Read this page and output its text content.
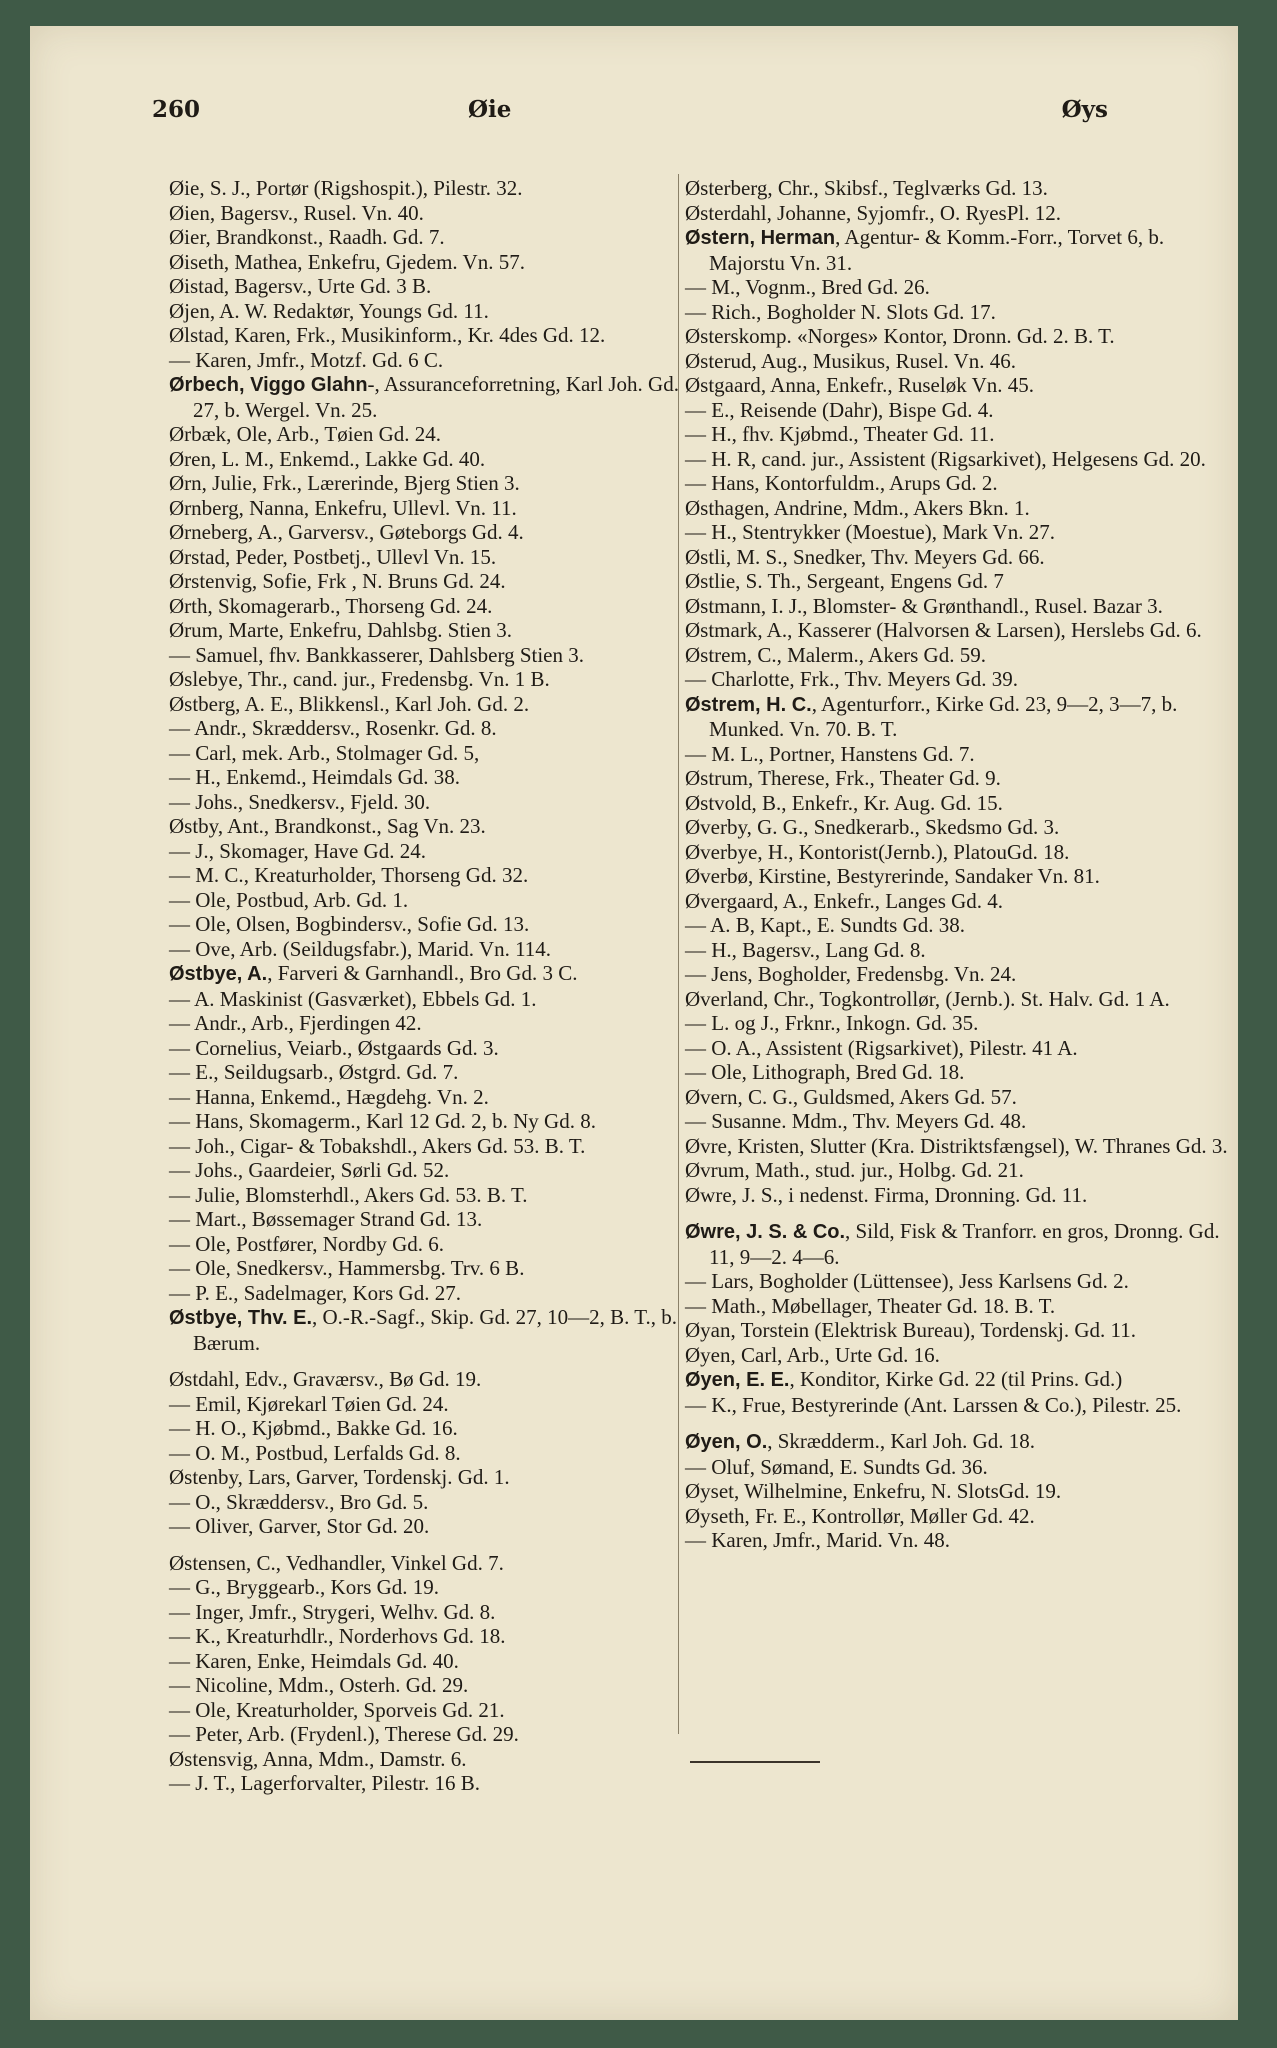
260	Øie	Øys

Øie, S. J., Portør (Rigshospit.), Pilestr. 32.

Øien, Bagersv., Rusel. Vn. 40.

Øier, Brandkonst., Raadh. Gd. 7.

Øiseth, Mathea, Enkefru, Gjedem. Vn. 57.

Øistad, Bagersv., Urte Gd. 3 B.

Øjen, A. W. Redaktør, Youngs Gd. 11.

Ølstad, Karen, Frk., Musikinform., Kr. 4des Gd. 12.

— Karen, Jmfr., Motzf. Gd. 6 C.

Ørbech, Viggo Glahn-, Assuranceforretning, Karl Joh. Gd. 27, b. Wergel. Vn. 25.

Ørbæk, Ole, Arb., Tøien Gd. 24.

Øren, L. M., Enkemd., Lakke Gd. 40.

Ørn, Julie, Frk., Lærerinde, Bjerg Stien 3.

Ørnberg, Nanna, Enkefru, Ullevl. Vn. 11.

Ørneberg, A., Garversv., Gøteborgs Gd. 4.

Ørstad, Peder, Postbetj., Ullevl Vn. 15.

Ørstenvig, Sofie, Frk , N. Bruns Gd. 24.

Ørth, Skomagerarb., Thorseng Gd. 24.

Ørum, Marte, Enkefru, Dahlsbg. Stien 3.

— Samuel, fhv. Bankkasserer, Dahlsberg Stien 3.

Øslebye, Thr., cand. jur., Fredensbg. Vn. 1 B.

Østberg, A. E., Blikkensl., Karl Joh. Gd. 2.

— Andr., Skræddersv., Rosenkr. Gd. 8.

— Carl, mek. Arb., Stolmager Gd. 5,

— H., Enkemd., Heimdals Gd. 38.

— Johs., Snedkersv., Fjeld. 30.

Østby, Ant., Brandkonst., Sag Vn. 23.

— J., Skomager, Have Gd. 24.

— M. C., Kreaturholder, Thorseng Gd. 32.

— Ole, Postbud, Arb. Gd. 1.

— Ole, Olsen, Bogbindersv., Sofie Gd. 13.

— Ove, Arb. (Seildugsfabr.), Marid. Vn. 114.

Østbye, A., Farveri & Garnhandl., Bro Gd. 3 C.

— A. Maskinist (Gasværket), Ebbels Gd. 1.

— Andr., Arb., Fjerdingen 42.

— Cornelius, Veiarb., Østgaards Gd. 3.

— E., Seildugsarb., Østgrd. Gd. 7.

— Hanna, Enkemd., Hægdehg. Vn. 2.

— Hans, Skomagerm., Karl 12 Gd. 2, b. Ny Gd. 8.

— Joh., Cigar- & Tobakshdl., Akers Gd. 53. B. T.

— Johs., Gaardeier, Sørli Gd. 52.

— Julie, Blomsterhdl., Akers Gd. 53. B. T.

— Mart., Bøssemager Strand Gd. 13.

— Ole, Postfører, Nordby Gd. 6.

— Ole, Snedkersv., Hammersbg. Trv. 6 B.

— P. E., Sadelmager, Kors Gd. 27.

Østbye, Thv. E., O.-R.-Sagf., Skip. Gd. 27, 10—2, B. T., b. Bærum.

Østdahl, Edv., Graværsv., Bø Gd. 19.

— Emil, Kjørekarl Tøien Gd. 24.

— H. O., Kjøbmd., Bakke Gd. 16.

— O. M., Postbud, Lerfalds Gd. 8.

Østenby, Lars, Garver, Tordenskj. Gd. 1.

— O., Skræddersv., Bro Gd. 5.

— Oliver, Garver, Stor Gd. 20.

Østensen, C., Vedhandler, Vinkel Gd. 7.

— G., Bryggearb., Kors Gd. 19.

— Inger, Jmfr., Strygeri, Welhv. Gd. 8.

— K., Kreaturhdlr., Norderhovs Gd. 18.

— Karen, Enke, Heimdals Gd. 40.

— Nicoline, Mdm., Osterh. Gd. 29.

— Ole, Kreaturholder, Sporveis Gd. 21.

— Peter, Arb. (Frydenl.), Therese Gd. 29.

Østensvig, Anna, Mdm., Damstr. 6.

— J. T., Lagerforvalter, Pilestr. 16 B.

Østerberg, Chr., Skibsf., Teglværks Gd. 13.

Østerdahl, Johanne, Syjomfr., O. RyesPl. 12.

Østern, Herman, Agentur- & Komm.-Forr., Torvet 6, b. Majorstu Vn. 31.

— M., Vognm., Bred Gd. 26.

— Rich., Bogholder N. Slots Gd. 17.

Østerskomp. «Norges» Kontor, Dronn. Gd. 2. B. T.

Østerud, Aug., Musikus, Rusel. Vn. 46.

Østgaard, Anna, Enkefr., Ruseløk Vn. 45.

— E., Reisende (Dahr), Bispe Gd. 4.

— H., fhv. Kjøbmd., Theater Gd. 11.

— H. R, cand. jur., Assistent (Rigsarkivet), Helgesens Gd. 20.

— Hans, Kontorfuldm., Arups Gd. 2.

Østhagen, Andrine, Mdm., Akers Bkn. 1.

— H., Stentrykker (Moestue), Mark Vn. 27.

Østli, M. S., Snedker, Thv. Meyers Gd. 66.

Østlie, S. Th., Sergeant, Engens Gd. 7

Østmann, I. J., Blomster- & Grønthandl., Rusel. Bazar 3.

Østmark, A., Kasserer (Halvorsen & Larsen), Herslebs Gd. 6.

Østrem, C., Malerm., Akers Gd. 59.

— Charlotte, Frk., Thv. Meyers Gd. 39.

Østrem, H. C., Agenturforr., Kirke Gd. 23, 9—2, 3—7, b. Munked. Vn. 70. B. T.

— M. L., Portner, Hanstens Gd. 7.

Østrum, Therese, Frk., Theater Gd. 9.

Østvold, B., Enkefr., Kr. Aug. Gd. 15.

Øverby, G. G., Snedkerarb., Skedsmo Gd. 3.

Øverbye, H., Kontorist(Jernb.), PlatouGd. 18.

Øverbø, Kirstine, Bestyrerinde, Sandaker Vn. 81.

Øvergaard, A., Enkefr., Langes Gd. 4.

— A. B, Kapt., E. Sundts Gd. 38.

— H., Bagersv., Lang Gd. 8.

— Jens, Bogholder, Fredensbg. Vn. 24.

Øverland, Chr., Togkontrollør, (Jernb.). St. Halv. Gd. 1 A.

— L. og J., Frknr., Inkogn. Gd. 35.

— O. A., Assistent (Rigsarkivet), Pilestr. 41 A.

— Ole, Lithograph, Bred Gd. 18.

Øvern, C. G., Guldsmed, Akers Gd. 57.

— Susanne. Mdm., Thv. Meyers Gd. 48.

Øvre, Kristen, Slutter (Kra. Distriktsfængsel), W. Thranes Gd. 3.

Øvrum, Math., stud. jur., Holbg. Gd. 21.

Øwre, J. S., i nedenst. Firma, Dronning. Gd. 11.

Øwre, J. S. & Co., Sild, Fisk & Tranforr. en gros, Dronng. Gd. 11, 9—2. 4—6.

— Lars, Bogholder (Lüttensee), Jess Karlsens Gd. 2.

— Math., Møbellager, Theater Gd. 18. B. T.

Øyan, Torstein (Elektrisk Bureau), Tordenskj. Gd. 11.

Øyen, Carl, Arb., Urte Gd. 16.

Øyen, E. E., Konditor, Kirke Gd. 22 (til Prins. Gd.)

— K., Frue, Bestyrerinde (Ant. Larssen & Co.), Pilestr. 25.

Øyen, O., Skrædderm., Karl Joh. Gd. 18.

— Oluf, Sømand, E. Sundts Gd. 36.

Øyset, Wilhelmine, Enkefru, N. SlotsGd. 19.

Øyseth, Fr. E., Kontrollør, Møller Gd. 42.

— Karen, Jmfr., Marid. Vn. 48.
